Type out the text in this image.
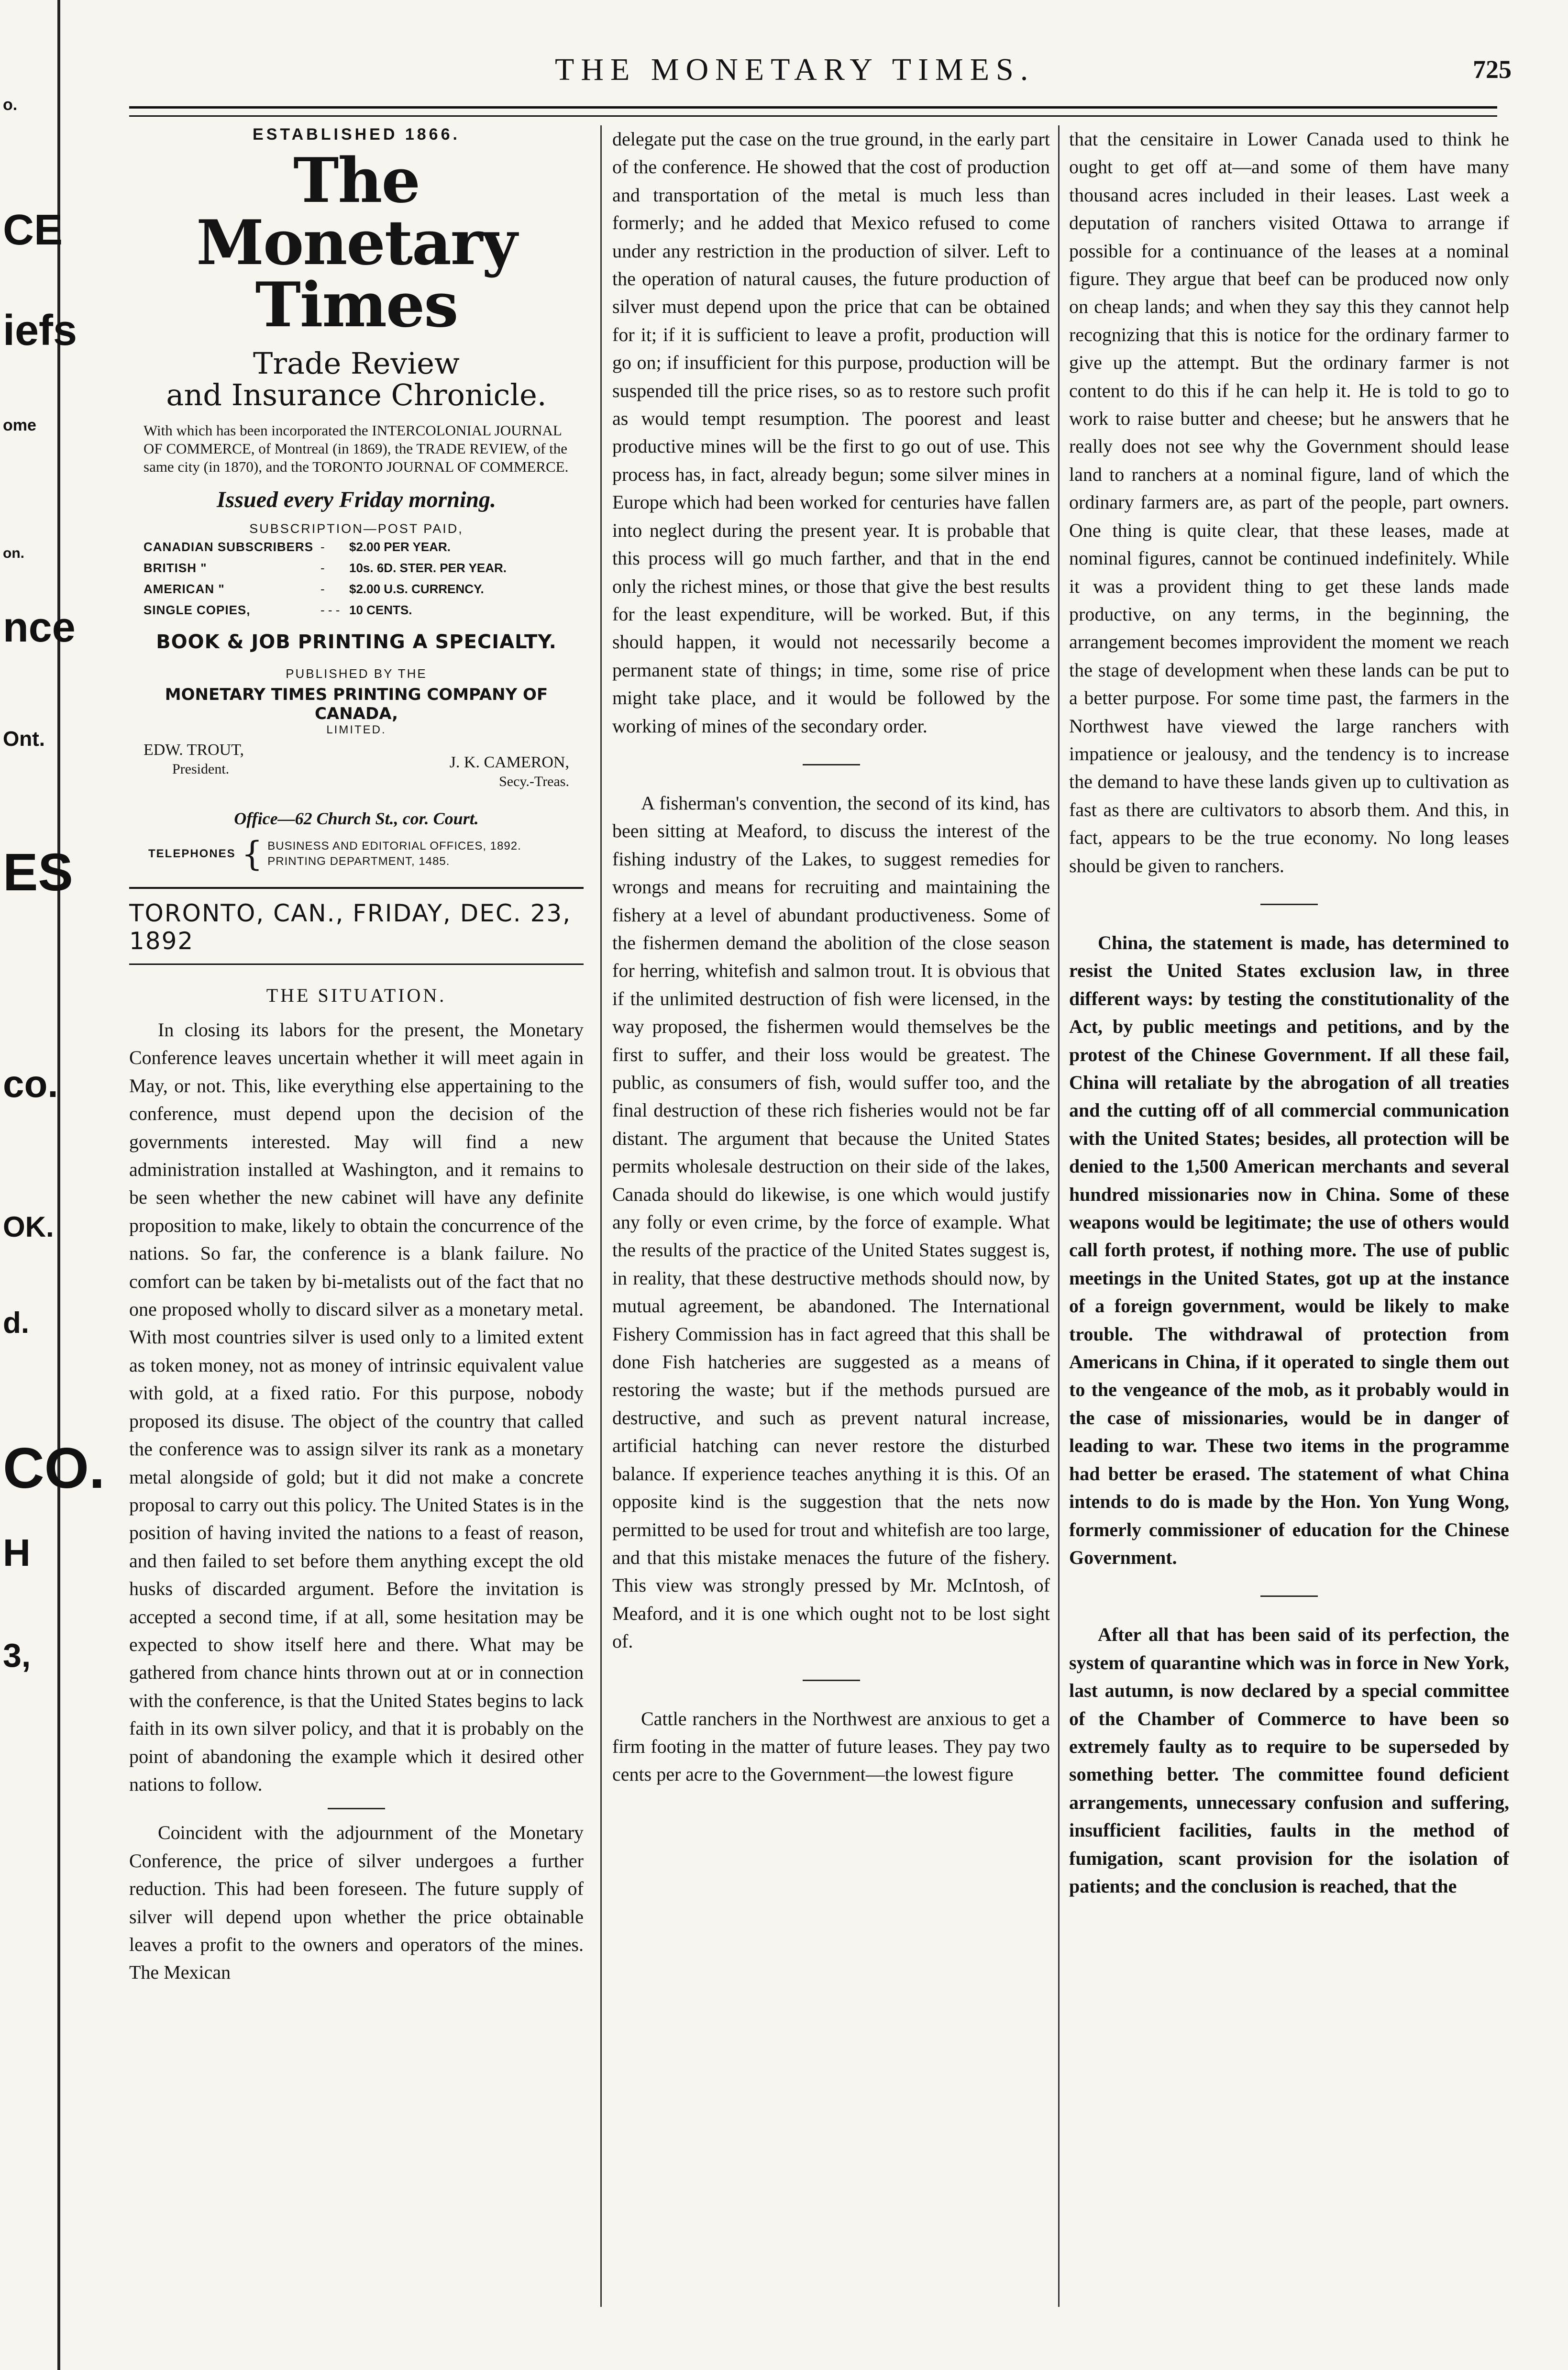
o.
CE
iefs
ome
on.
nce
Ont.
ES
co.
OK.
d.
CO.
H
3,
THE MONETARY TIMES.	725
ESTABLISHED 1866.
The Monetary Times
Trade Review
and Insurance Chronicle.
With which has been incorporated the INTERCOLONIAL JOURNAL OF COMMERCE, of Montreal (in 1869), the TRADE REVIEW, of the same city (in 1870), and the TORONTO JOURNAL OF COMMERCE.
Issued every Friday morning.
SUBSCRIPTION—POST PAID,
CANADIAN SUBSCRIBERS -	$2.00 PER YEAR.
BRITISH "	-	10s. 6D. STER. PER YEAR.
AMERICAN "	-	$2.00 U.S. CURRENCY.
SINGLE COPIES,	- - - 10 CENTS.
BOOK & JOB PRINTING A SPECIALTY.
PUBLISHED BY THE
MONETARY TIMES PRINTING COMPANY OF CANADA,
LIMITED.
EDW. TROUT,
President.	J. K. CAMERON,
Secy.-Treas.
Office—62 Church St., cor. Court.
TELEPHONES { BUSINESS AND EDITORIAL OFFICES, 1892.
PRINTING DEPARTMENT, 1485.
TORONTO, CAN., FRIDAY, DEC. 23, 1892
THE SITUATION.

In closing its labors for the present, the Monetary Conference leaves uncertain whether it will meet again in May, or not. This, like everything else appertaining to the conference, must depend upon the decision of the governments interested. May will find a new administration installed at Washington, and it remains to be seen whether the new cabinet will have any definite proposition to make, likely to obtain the concurrence of the nations. So far, the conference is a blank failure. No comfort can be taken by bi-metalists out of the fact that no one proposed wholly to discard silver as a monetary metal. With most countries silver is used only to a limited extent as token money, not as money of intrinsic equivalent value with gold, at a fixed ratio. For this purpose, nobody proposed its disuse. The object of the country that called the conference was to assign silver its rank as a monetary metal alongside of gold; but it did not make a concrete proposal to carry out this policy. The United States is in the position of having invited the nations to a feast of reason, and then failed to set before them anything except the old husks of discarded argument. Before the invitation is accepted a second time, if at all, some hesitation may be expected to show itself here and there. What may be gathered from chance hints thrown out at or in connection with the conference, is that the United States begins to lack faith in its own silver policy, and that it is probably on the point of abandoning the example which it desired other nations to follow.

Coincident with the adjournment of the Monetary Conference, the price of silver undergoes a further reduction. This had been foreseen. The future supply of silver will depend upon whether the price obtainable leaves a profit to the owners and operators of the mines. The Mexican

delegate put the case on the true ground, in the early part of the conference. He showed that the cost of production and transportation of the metal is much less than formerly; and he added that Mexico refused to come under any restriction in the production of silver. Left to the operation of natural causes, the future production of silver must depend upon the price that can be obtained for it; if it is sufficient to leave a profit, production will go on; if insufficient for this purpose, production will be suspended till the price rises, so as to restore such profit as would tempt resumption. The poorest and least productive mines will be the first to go out of use. This process has, in fact, already begun; some silver mines in Europe which had been worked for centuries have fallen into neglect during the present year. It is probable that this process will go much farther, and that in the end only the richest mines, or those that give the best results for the least expenditure, will be worked. But, if this should happen, it would not necessarily become a permanent state of things; in time, some rise of price might take place, and it would be followed by the working of mines of the secondary order.

A fisherman's convention, the second of its kind, has been sitting at Meaford, to discuss the interest of the fishing industry of the Lakes, to suggest remedies for wrongs and means for recruiting and maintaining the fishery at a level of abundant productiveness. Some of the fishermen demand the abolition of the close season for herring, whitefish and salmon trout. It is obvious that if the unlimited destruction of fish were licensed, in the way proposed, the fishermen would themselves be the first to suffer, and their loss would be greatest. The public, as consumers of fish, would suffer too, and the final destruction of these rich fisheries would not be far distant. The argument that because the United States permits wholesale destruction on their side of the lakes, Canada should do likewise, is one which would justify any folly or even crime, by the force of example. What the results of the practice of the United States suggest is, in reality, that these destructive methods should now, by mutual agreement, be abandoned. The International Fishery Commission has in fact agreed that this shall be done Fish hatcheries are suggested as a means of restoring the waste; but if the methods pursued are destructive, and such as prevent natural increase, artificial hatching can never restore the disturbed balance. If experience teaches anything it is this. Of an opposite kind is the suggestion that the nets now permitted to be used for trout and whitefish are too large, and that this mistake menaces the future of the fishery. This view was strongly pressed by Mr. McIntosh, of Meaford, and it is one which ought not to be lost sight of.

Cattle ranchers in the Northwest are anxious to get a firm footing in the matter of future leases. They pay two cents per acre to the Government—the lowest figure

that the censitaire in Lower Canada used to think he ought to get off at—and some of them have many thousand acres included in their leases. Last week a deputation of ranchers visited Ottawa to arrange if possible for a continuance of the leases at a nominal figure. They argue that beef can be produced now only on cheap lands; and when they say this they cannot help recognizing that this is notice for the ordinary farmer to give up the attempt. But the ordinary farmer is not content to do this if he can help it. He is told to go to work to raise butter and cheese; but he answers that he really does not see why the Government should lease land to ranchers at a nominal figure, land of which the ordinary farmers are, as part of the people, part owners. One thing is quite clear, that these leases, made at nominal figures, cannot be continued indefinitely. While it was a provident thing to get these lands made productive, on any terms, in the beginning, the arrangement becomes improvident the moment we reach the stage of development when these lands can be put to a better purpose. For some time past, the farmers in the Northwest have viewed the large ranchers with impatience or jealousy, and the tendency is to increase the demand to have these lands given up to cultivation as fast as there are cultivators to absorb them. And this, in fact, appears to be the true economy. No long leases should be given to ranchers.

China, the statement is made, has determined to resist the United States exclusion law, in three different ways: by testing the constitutionality of the Act, by public meetings and petitions, and by the protest of the Chinese Government. If all these fail, China will retaliate by the abrogation of all treaties and the cutting off of all commercial communication with the United States; besides, all protection will be denied to the 1,500 American merchants and several hundred missionaries now in China. Some of these weapons would be legitimate; the use of others would call forth protest, if nothing more. The use of public meetings in the United States, got up at the instance of a foreign government, would be likely to make trouble. The withdrawal of protection from Americans in China, if it operated to single them out to the vengeance of the mob, as it probably would in the case of missionaries, would be in danger of leading to war. These two items in the programme had better be erased. The statement of what China intends to do is made by the Hon. Yon Yung Wong, formerly commissioner of education for the Chinese Government.

After all that has been said of its perfection, the system of quarantine which was in force in New York, last autumn, is now declared by a special committee of the Chamber of Commerce to have been so extremely faulty as to require to be superseded by something better. The committee found deficient arrangements, unnecessary confusion and suffering, insufficient facilities, faults in the method of fumigation, scant provision for the isolation of patients; and the conclusion is reached, that the
